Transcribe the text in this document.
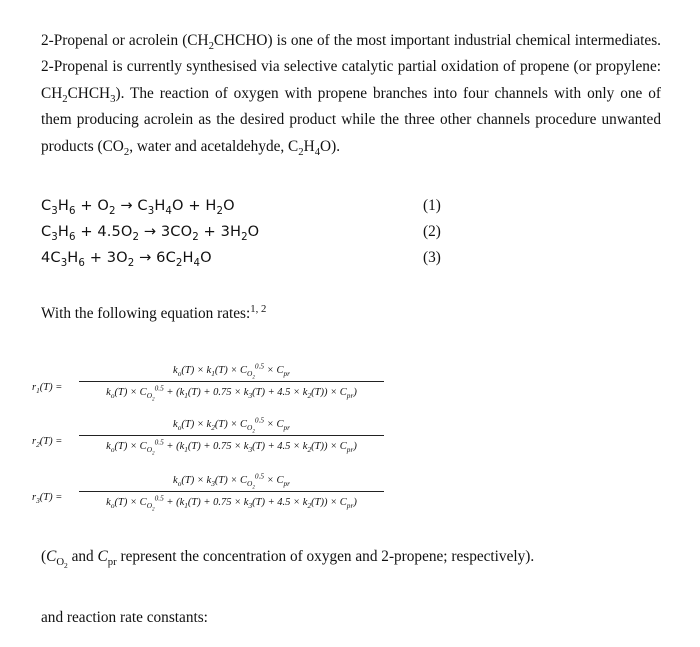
2-Propenal or acrolein $(CH_2CHCHO)$ is one of the most important industrial chemical intermediates. 2-Propenal is currently synthesised via selective catalytic partial oxidation of propene (or propylene: $CH_2CHCH_3$). The reaction of oxygen with propene branches into four channels with only one of them producing acrolein as the desired product while the three other channels procedure unwanted products ($CO_2$, water and acetaldehyde, $C_2H_4O$).

$C_3H_6 + O_2 \to C_3H_4O + H_2O$	(1)
$C_3H_6 + 4.5O_2 \to 3CO_2 + 3H_2O$	(2)
$4C_3H_6 + 3O_2 \to 6C_2H_4O$	(3)
With the following equation rates:$^{1, 2}$
$r_1(T)$ =
$k_o(T) \times k_1(T) \times C_{O_2}^{0.5} \times C_{pr}$
$k_o(T) \times C_{O_2}^{0.5} + (k_1(T) + 0.75 \times k_3(T) + 4.5 \times k_2(T)) \times C_{pr}$)
$r_2(T)$ =
$k_o(T) \times k_2(T) \times C_{O_2}^{0.5} \times C_{pr}$
$k_o(T) \times C_{O_2}^{0.5} + (k_1(T) + 0.75 \times k_3(T) + 4.5 \times k_2(T)) \times C_{pr}$)
$r_3(T)$ =
$k_o(T) \times k_3(T) \times C_{O_2}^{0.5} \times C_{pr}$
$k_o(T) \times C_{O_2}^{0.5} + (k_1(T) + 0.75 \times k_3(T) + 4.5 \times k_2(T)) \times C_{pr}$)
($C_{O_2}$ and $C_{pr}$ represent the concentration of oxygen and 2-propene; respectively).
and reaction rate constants:
